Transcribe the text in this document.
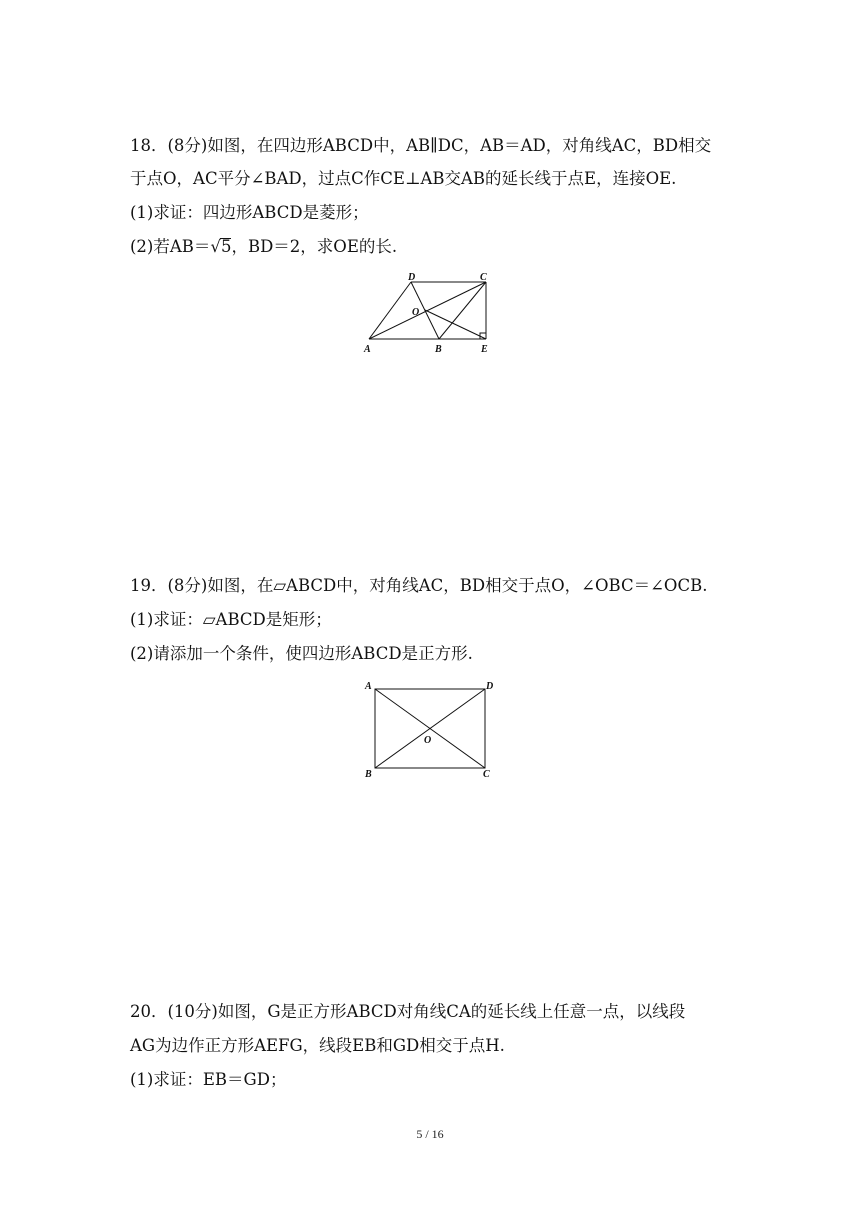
18．(8分)如图，在四边形ABCD中，AB∥DC，AB＝AD，对角线AC，BD相交
于点O，AC平分∠BAD，过点C作CE⊥AB交AB的延长线于点E，连接OE.
(1)求证：四边形ABCD是菱形；
(2)若AB＝√5，BD＝2，求OE的长.
D	C
O
A	B	E
19．(8分)如图，在▱ABCD中，对角线AC，BD相交于点O，∠OBC＝∠OCB.
(1)求证：▱ABCD是矩形；
(2)请添加一个条件，使四边形ABCD是正方形.
A	D
O
B	C
20．(10分)如图，G是正方形ABCD对角线CA的延长线上任意一点，以线段
AG为边作正方形AEFG，线段EB和GD相交于点H.
(1)求证：EB＝GD；
5 / 16
